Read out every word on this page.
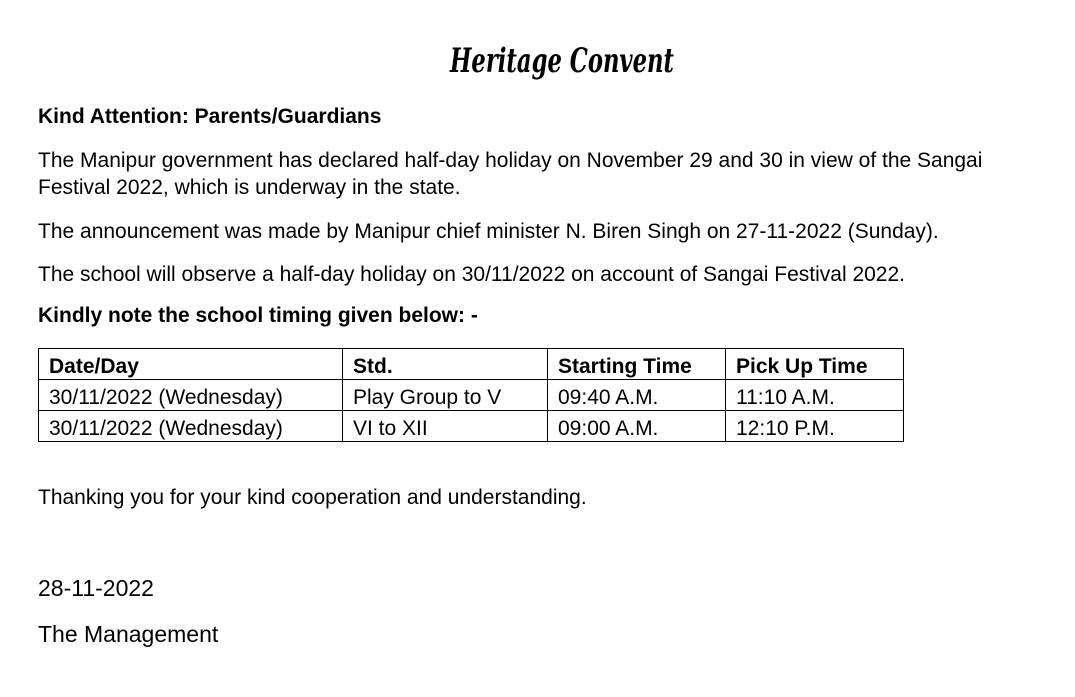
Heritage Convent
Kind Attention: Parents/Guardians
The Manipur government has declared half-day holiday on November 29 and 30 in view of the Sangai Festival 2022, which is underway in the state.
The announcement was made by Manipur chief minister N. Biren Singh on 27-11-2022 (Sunday).
The school will observe a half-day holiday on 30/11/2022 on account of Sangai Festival 2022.
Kindly note the school timing given below: -
Date/Day	Std.	Starting Time	Pick Up Time
30/11/2022 (Wednesday)	Play Group to V	09:40 A.M.	11:10 A.M.
30/11/2022 (Wednesday)	VI to XII	09:00 A.M.	12:10 P.M.
Thanking you for your kind cooperation and understanding.
28-11-2022
The Management
